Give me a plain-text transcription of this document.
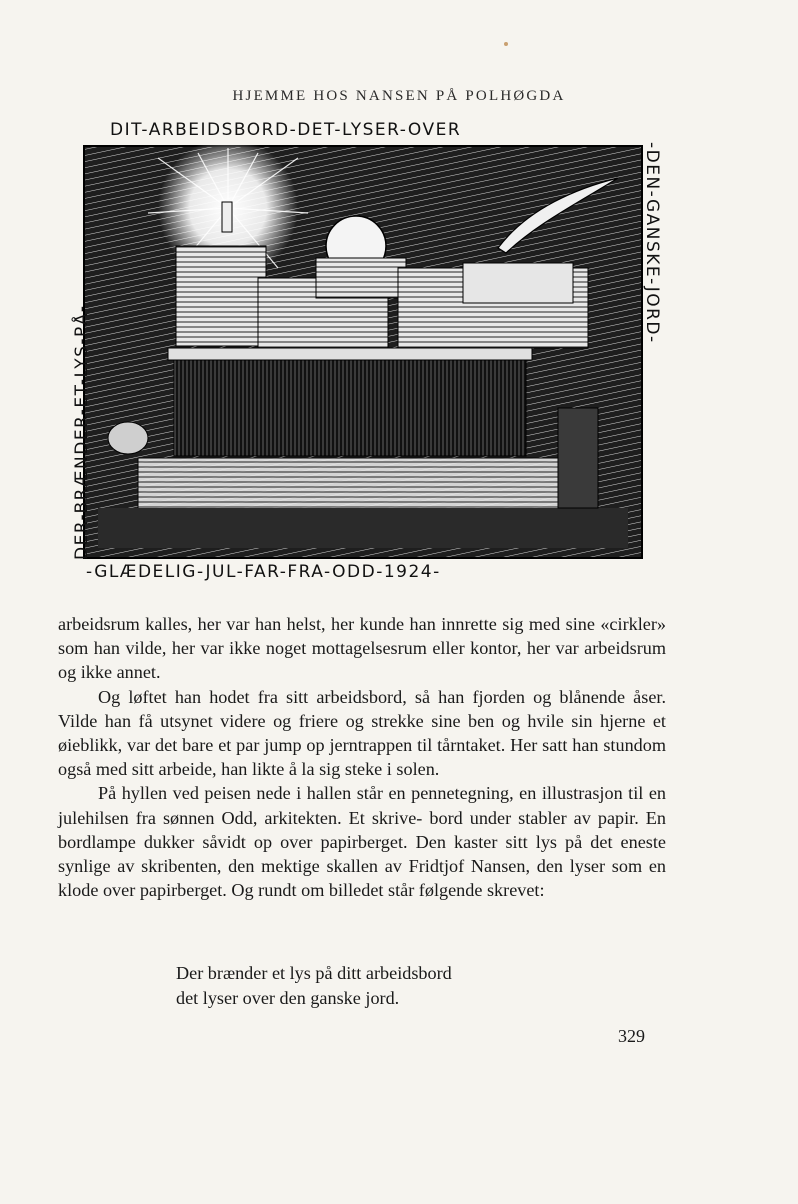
HJEMME HOS NANSEN PÅ POLHØGDA
DIT-ARBEIDSBORD-DET-LYSER-OVER
-DEN-GANSKE-JORD-
DER-BRÆNDER-ET-LYS-PÅ-
-GLÆDELIG-JUL-FAR-FRA-ODD-1924-

arbeidsrum kalles, her var han helst, her kunde han innrette sig med sine «cirkler» som han vilde, her var ikke noget mottagelsesrum eller kontor, her var arbeidsrum og ikke annet.

Og løftet han hodet fra sitt arbeidsbord, så han fjorden og blånende åser. Vilde han få utsynet videre og friere og strekke sine ben og hvile sin hjerne et øieblikk, var det bare et par jump op jerntrappen til tårntaket. Her satt han stundom også med sitt arbeide, han likte å la sig steke i solen.

På hyllen ved peisen nede i hallen står en pennetegning, en illustrasjon til en julehilsen fra sønnen Odd, arkitekten. Et skrive- bord under stabler av papir. En bordlampe dukker såvidt op over papirberget. Den kaster sitt lys på det eneste synlige av skribenten, den mektige skallen av Fridtjof Nansen, den lyser som en klode over papirberget. Og rundt om billedet står følgende skrevet:

Der brænder et lys på ditt arbeidsbord
det lyser over den ganske jord.
329
